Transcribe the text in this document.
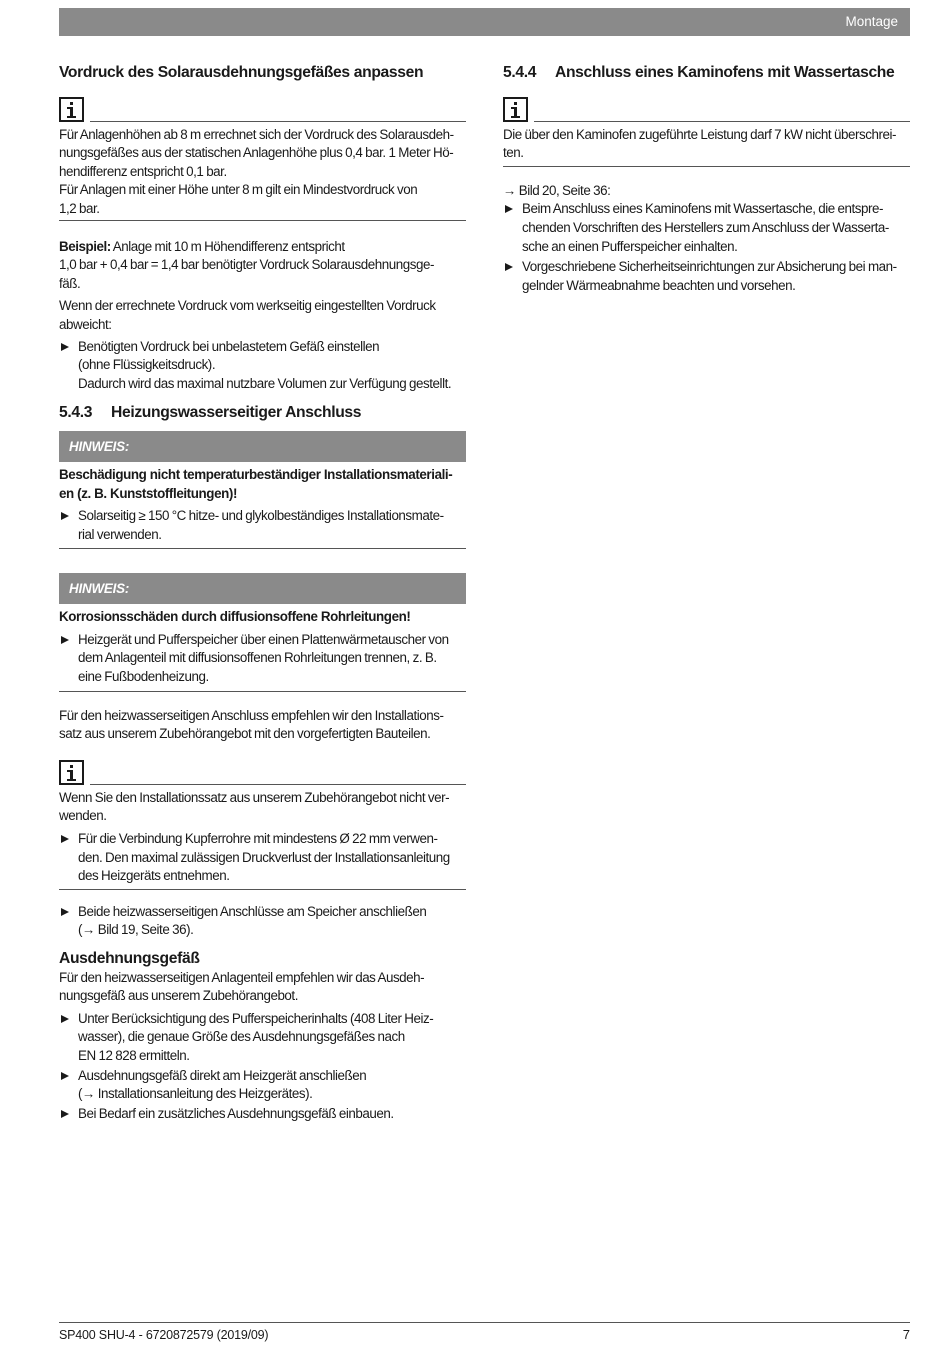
Montage
Vordruck des Solarausdehnungsgefäßes anpassen
Für Anlagenhöhen ab 8 m errechnet sich der Vordruck des Solarausdeh-
nungsgefäßes aus der statischen Anlagenhöhe plus 0,4 bar. 1 Meter Hö-
hendifferenz entspricht 0,1 bar.
Für Anlagen mit einer Höhe unter 8 m gilt ein Mindestvordruck von
1,2 bar.
Beispiel: Anlage mit 10 m Höhendifferenz entspricht
1,0 bar + 0,4 bar = 1,4 bar benötigter Vordruck Solarausdehnungsge-
fäß.
Wenn der errechnete Vordruck vom werkseitig eingestellten Vordruck
abweicht:
Benötigten Vordruck bei unbelastetem Gefäß einstellen
(ohne Flüssigkeitsdruck).
Dadurch wird das maximal nutzbare Volumen zur Verfügung gestellt.
5.4.3 Heizungswasserseitiger Anschluss
HINWEIS:
Beschädigung nicht temperaturbeständiger Installationsmateriali-
en (z. B. Kunststoffleitungen)!
Solarseitig ≥ 150 °C hitze- und glykolbeständiges Installationsmate-
rial verwenden.
HINWEIS:
Korrosionsschäden durch diffusionsoffene Rohrleitungen!
Heizgerät und Pufferspeicher über einen Plattenwärmetauscher von
dem Anlagenteil mit diffusionsoffenen Rohrleitungen trennen, z. B.
eine Fußbodenheizung.
Für den heizwasserseitigen Anschluss empfehlen wir den Installations-
satz aus unserem Zubehörangebot mit den vorgefertigten Bauteilen.
Wenn Sie den Installationssatz aus unserem Zubehörangebot nicht ver-
wenden.
Für die Verbindung Kupferrohre mit mindestens Ø 22 mm verwen-
den. Den maximal zulässigen Druckverlust der Installationsanleitung
des Heizgeräts entnehmen.
Beide heizwasserseitigen Anschlüsse am Speicher anschließen
(→ Bild 19, Seite 36).
Ausdehnungsgefäß
Für den heizwasserseitigen Anlagenteil empfehlen wir das Ausdeh-
nungsgefäß aus unserem Zubehörangebot.
Unter Berücksichtigung des Pufferspeicherinhalts (408 Liter Heiz-
wasser), die genaue Größe des Ausdehnungsgefäßes nach
EN 12 828 ermitteln.
Ausdehnungsgefäß direkt am Heizgerät anschließen
(→ Installationsanleitung des Heizgerätes).
Bei Bedarf ein zusätzliches Ausdehnungsgefäß einbauen.
5.4.4 Anschluss eines Kaminofens mit Wassertasche
Die über den Kaminofen zugeführte Leistung darf 7 kW nicht überschrei-
ten.
→ Bild 20, Seite 36:
Beim Anschluss eines Kaminofens mit Wassertasche, die entspre-
chenden Vorschriften des Herstellers zum Anschluss der Wasserta-
sche an einen Pufferspeicher einhalten.
Vorgeschriebene Sicherheitseinrichtungen zur Absicherung bei man-
gelnder Wärmeabnahme beachten und vorsehen.
SP400 SHU-4 - 6720872579 (2019/09)	7
